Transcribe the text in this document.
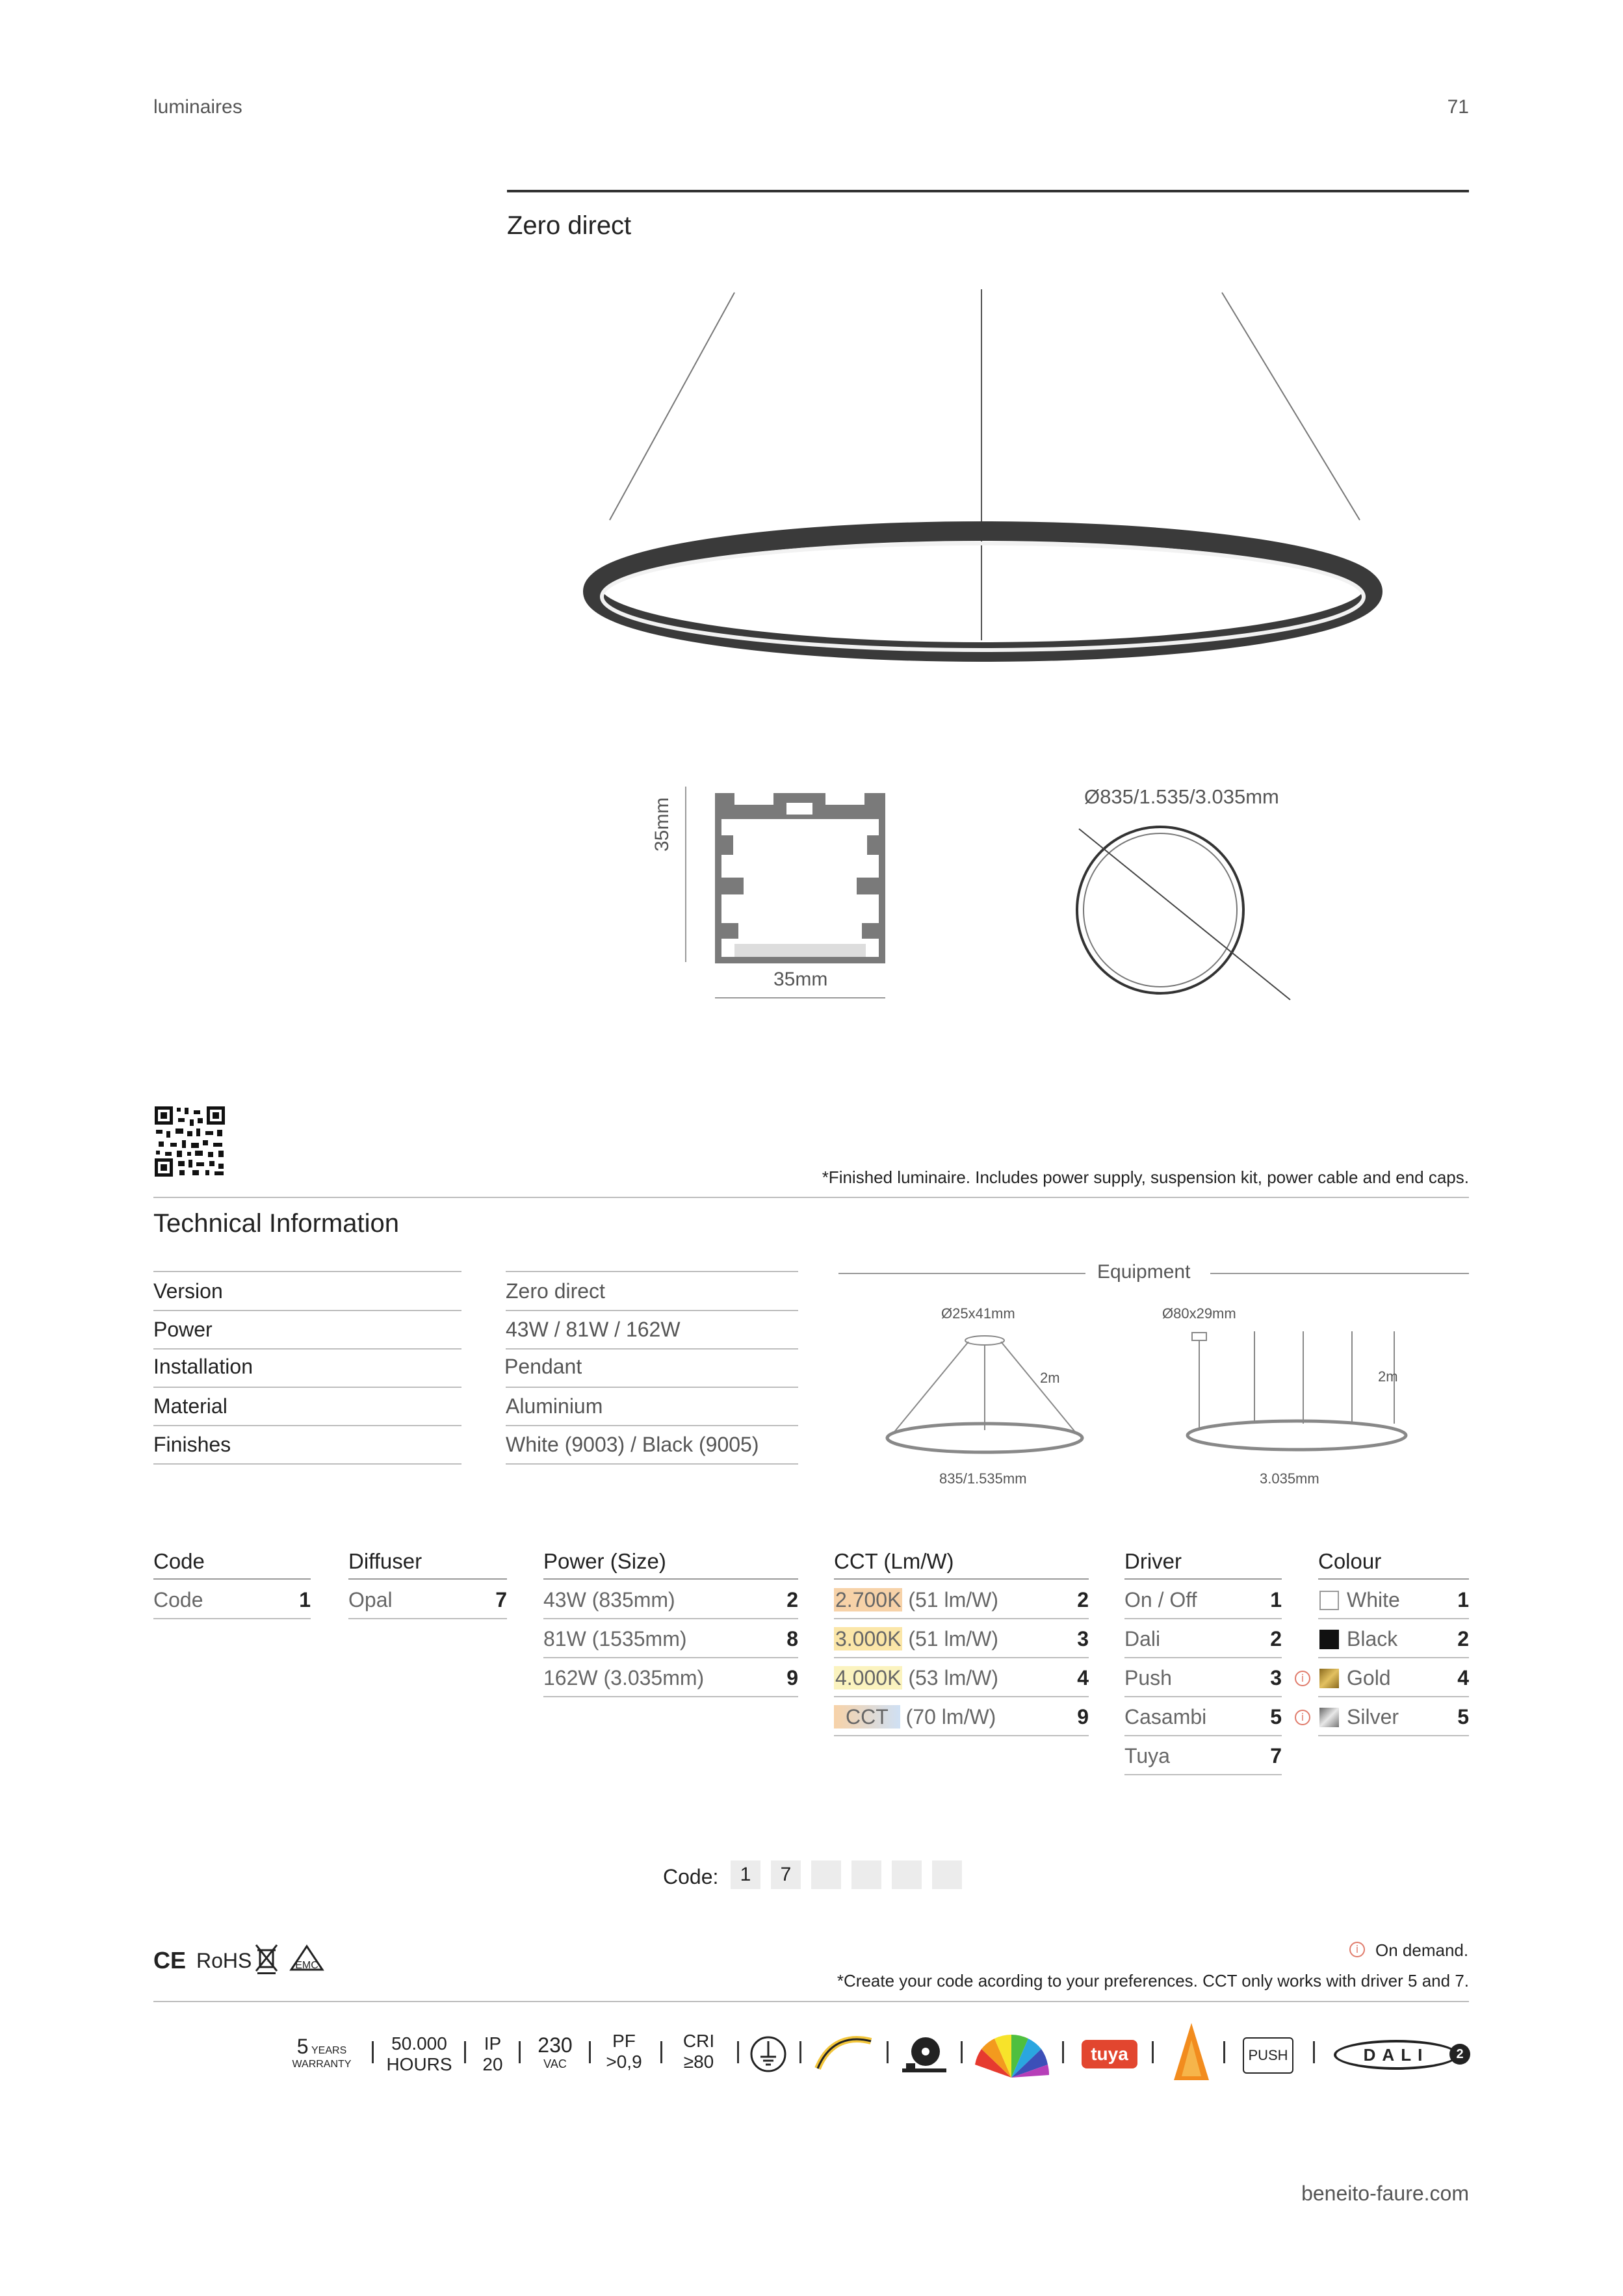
luminaires	71
Zero direct
35mm
35mm
Ø835/1.535/3.035mm
*Finished luminaire. Includes power supply, suspension kit, power cable and end caps.
Technical Information
Version	Zero direct
Power	43W / 81W / 162W
Installation	Pendant
Material	Aluminium
Finishes	White (9003) / Black (9005)
Equipment
Ø25x41mm
2m
835/1.535mm
Ø80x29mm
2m
3.035mm
Code
Code	1
Diffuser
Opal	7
Power (Size)
43W (835mm)	2
81W (1535mm)	8
162W (3.035mm)	9
CCT (Lm/W)
2.700K (51 lm/W)	2
3.000K (51 lm/W)	3
4.000K (53 lm/W)	4
CCT (70 lm/W)	9
Driver
On / Off	1
Dali	2
Push	3
Casambi	5
Tuya	7
Colour
White	1
Black	2
i	Gold	4
i	Silver	5
Code:	1	7
CE RoHS	WEEE	EMC
i On demand.
*Create your code acording to your preferences. CCT only works with driver 5 and 7.
5 YEARS
WARRANTY
50.000
HOURS
IP
20
230
VAC
PF
>0,9
CRI
≥80	tuya	PUSH	DALI	2
beneito-faure.com
